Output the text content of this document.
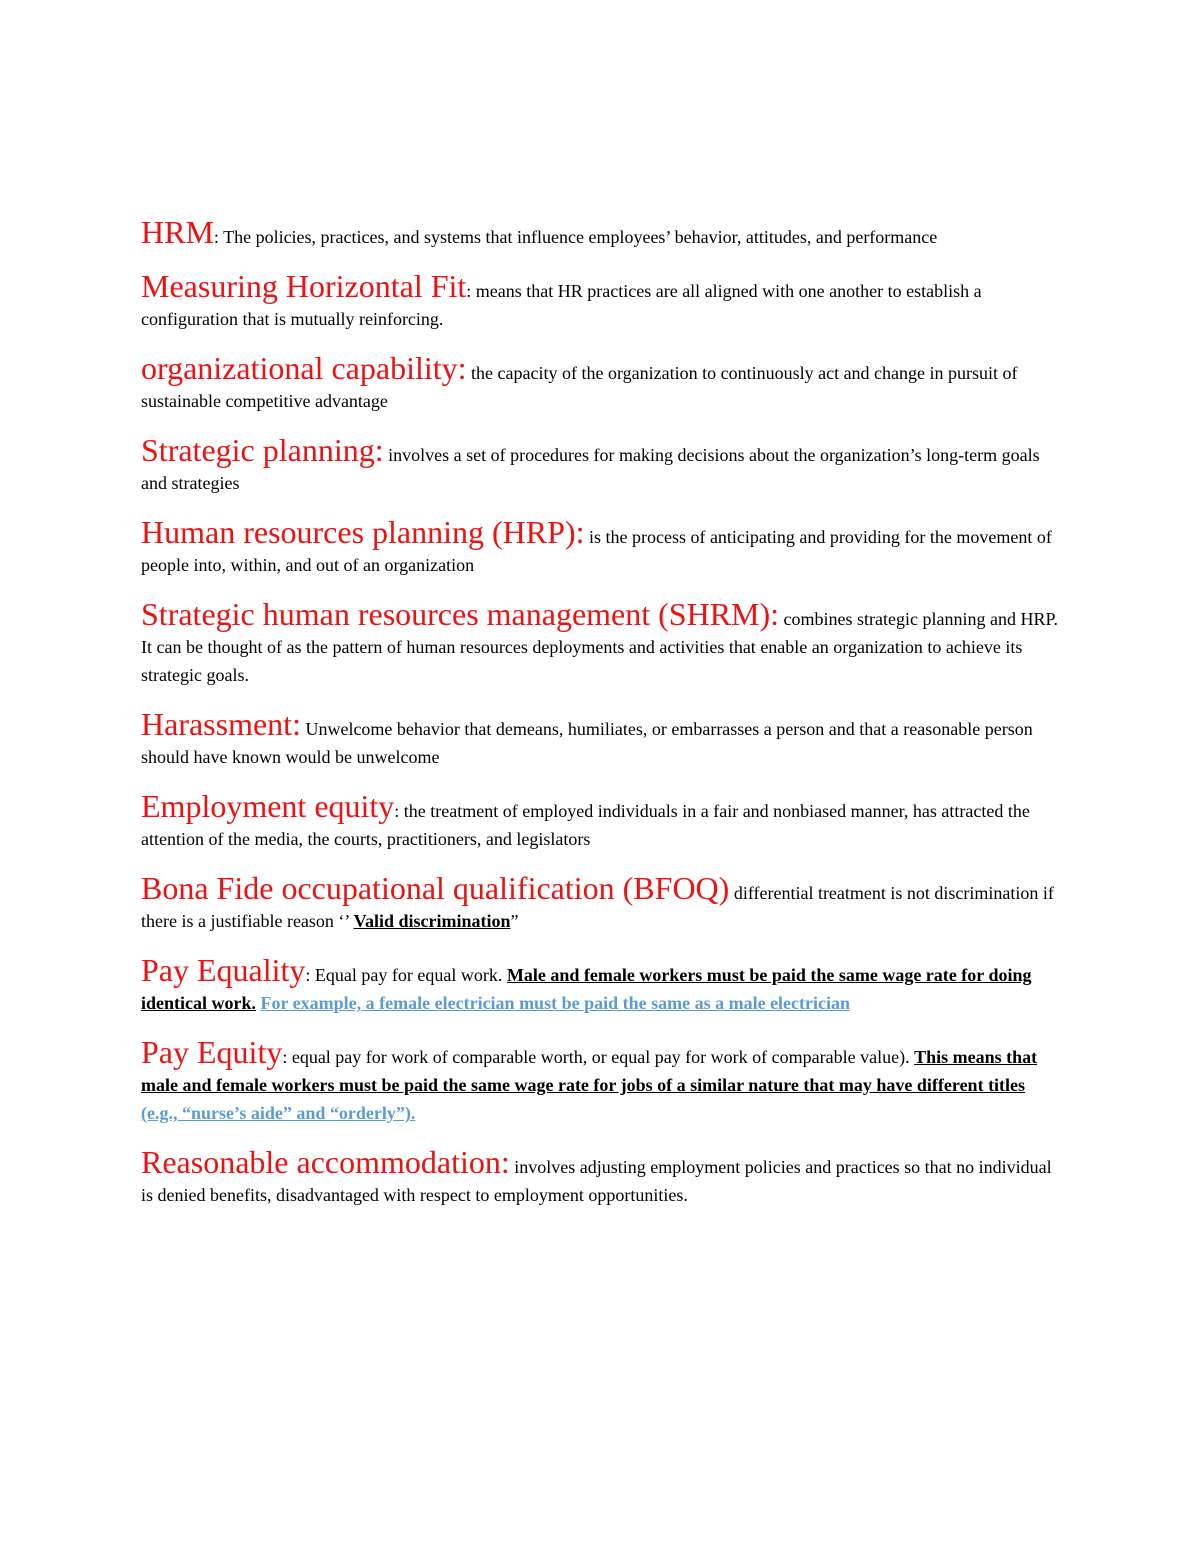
HRM: The policies, practices, and systems that influence employees’ behavior, attitudes, and performance

Measuring Horizontal Fit: means that HR practices are all aligned with one another to establish a configuration that is mutually reinforcing.

organizational capability: the capacity of the organization to continuously act and change in pursuit of sustainable competitive advantage

Strategic planning: involves a set of procedures for making decisions about the organization’s long-term goals and strategies

Human resources planning (HRP): is the process of anticipating and providing for the movement of people into, within, and out of an organization

Strategic human resources management (SHRM): combines strategic planning and HRP. It can be thought of as the pattern of human resources deployments and activities that enable an organization to achieve its strategic goals.

Harassment: Unwelcome behavior that demeans, humiliates, or embarrasses a person and that a reasonable person should have known would be unwelcome

Employment equity: the treatment of employed individuals in a fair and nonbiased manner, has attracted the attention of the media, the courts, practitioners, and legislators

Bona Fide occupational qualification (BFOQ) differential treatment is not discrimination if there is a justifiable reason ‘’ Valid discrimination”

Pay Equality: Equal pay for equal work. Male and female workers must be paid the same wage rate for doing identical work. For example, a female electrician must be paid the same as a male electrician

Pay Equity: equal pay for work of comparable worth, or equal pay for work of comparable value). This means that male and female workers must be paid the same wage rate for jobs of a similar nature that may have different titles (e.g., “nurse’s aide” and “orderly”).

Reasonable accommodation: involves adjusting employment policies and practices so that no individual is denied benefits, disadvantaged with respect to employment opportunities.
